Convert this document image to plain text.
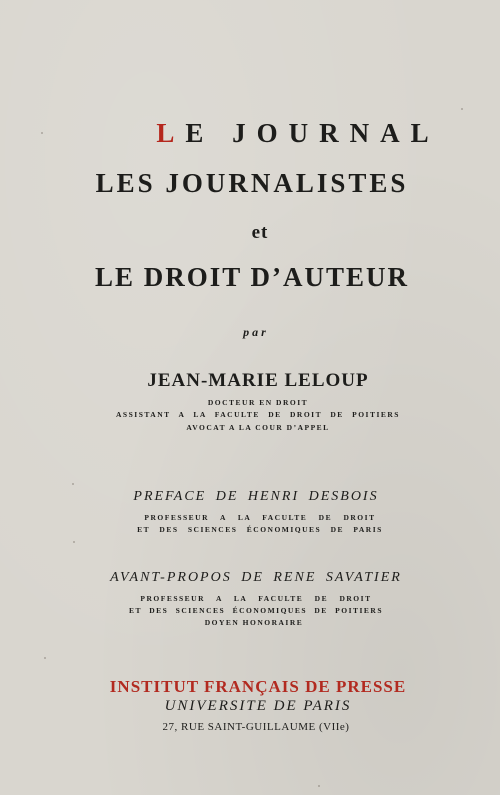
LE JOURNAL
LES JOURNALISTES
et
LE DROIT D’AUTEUR
par
JEAN-MARIE LELOUP
DOCTEUR EN DROIT
ASSISTANT A LA FACULTE DE DROIT DE POITIERS
AVOCAT A LA COUR D’APPEL
PREFACE DE HENRI DESBOIS
PROFESSEUR A LA FACULTE DE DROIT
ET DES SCIENCES ÉCONOMIQUES DE PARIS
AVANT-PROPOS DE RENE SAVATIER
PROFESSEUR A LA FACULTE DE DROIT
ET DES SCIENCES ÉCONOMIQUES DE POITIERS
DOYEN HONORAIRE
INSTITUT FRANÇAIS DE PRESSE
UNIVERSITE DE PARIS
27, RUE SAINT-GUILLAUME (VIIe)
